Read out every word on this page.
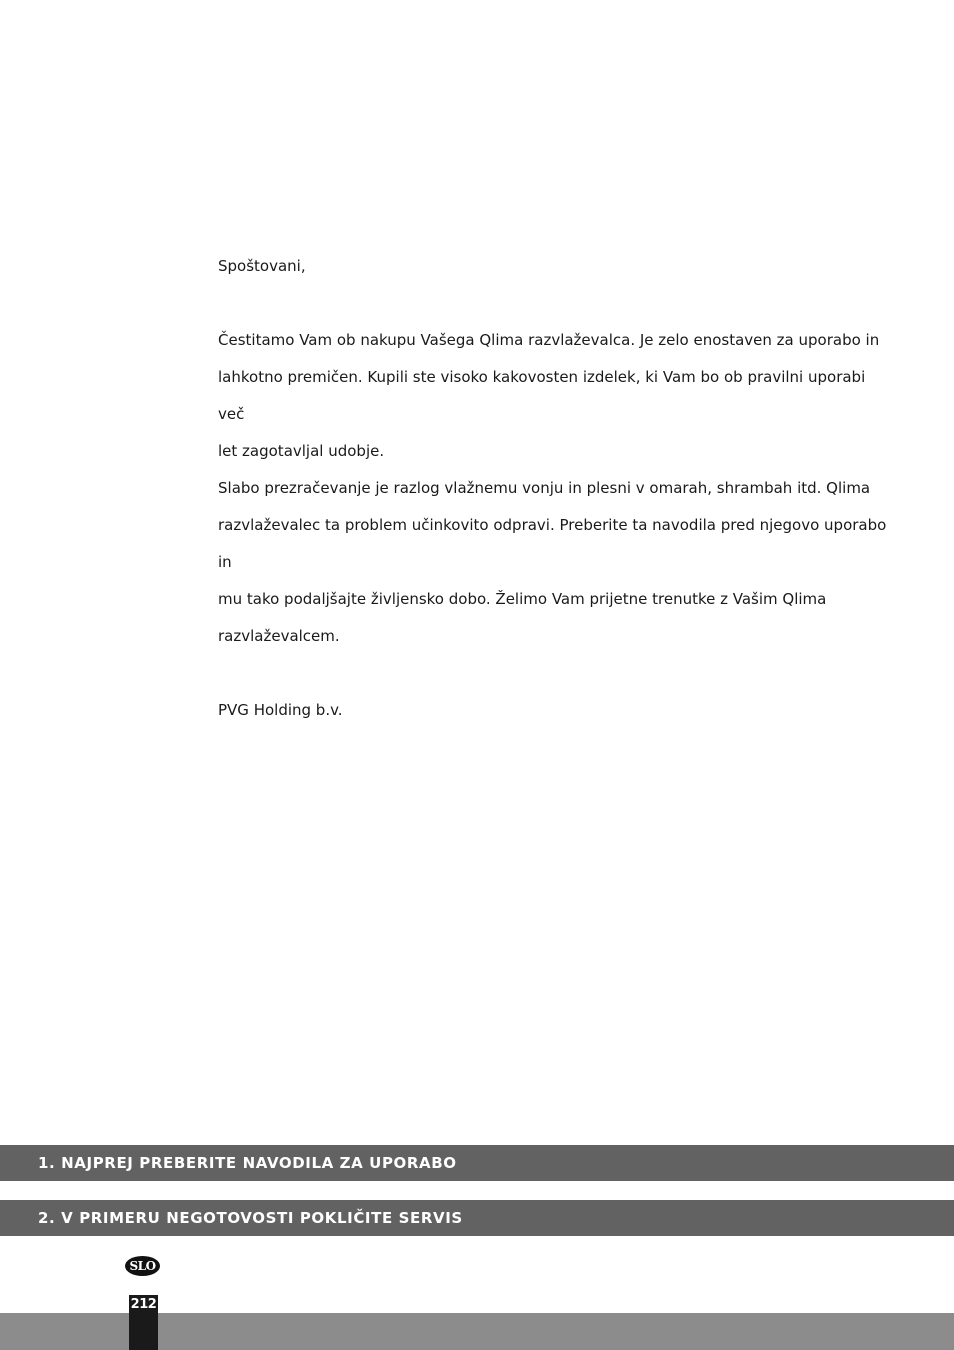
Spoštovani,

Čestitamo Vam ob nakupu Vašega Qlima razvlaževalca. Je zelo enostaven za uporabo in

lahkotno premičen. Kupili ste visoko kakovosten izdelek, ki Vam bo ob pravilni uporabi več

let zagotavljal udobje.

Slabo prezračevanje je razlog vlažnemu vonju in plesni v omarah, shrambah itd. Qlima

razvlaževalec ta problem učinkovito odpravi. Preberite ta navodila pred njegovo uporabo in

mu tako podaljšajte življensko dobo. Želimo Vam prijetne trenutke z Vašim Qlima

razvlaževalcem.

PVG Holding b.v.

1. NAJPREJ PREBERITE NAVODILA ZA UPORABO
2. V PRIMERU NEGOTOVOSTI POKLIČITE SERVIS
SLO
212
